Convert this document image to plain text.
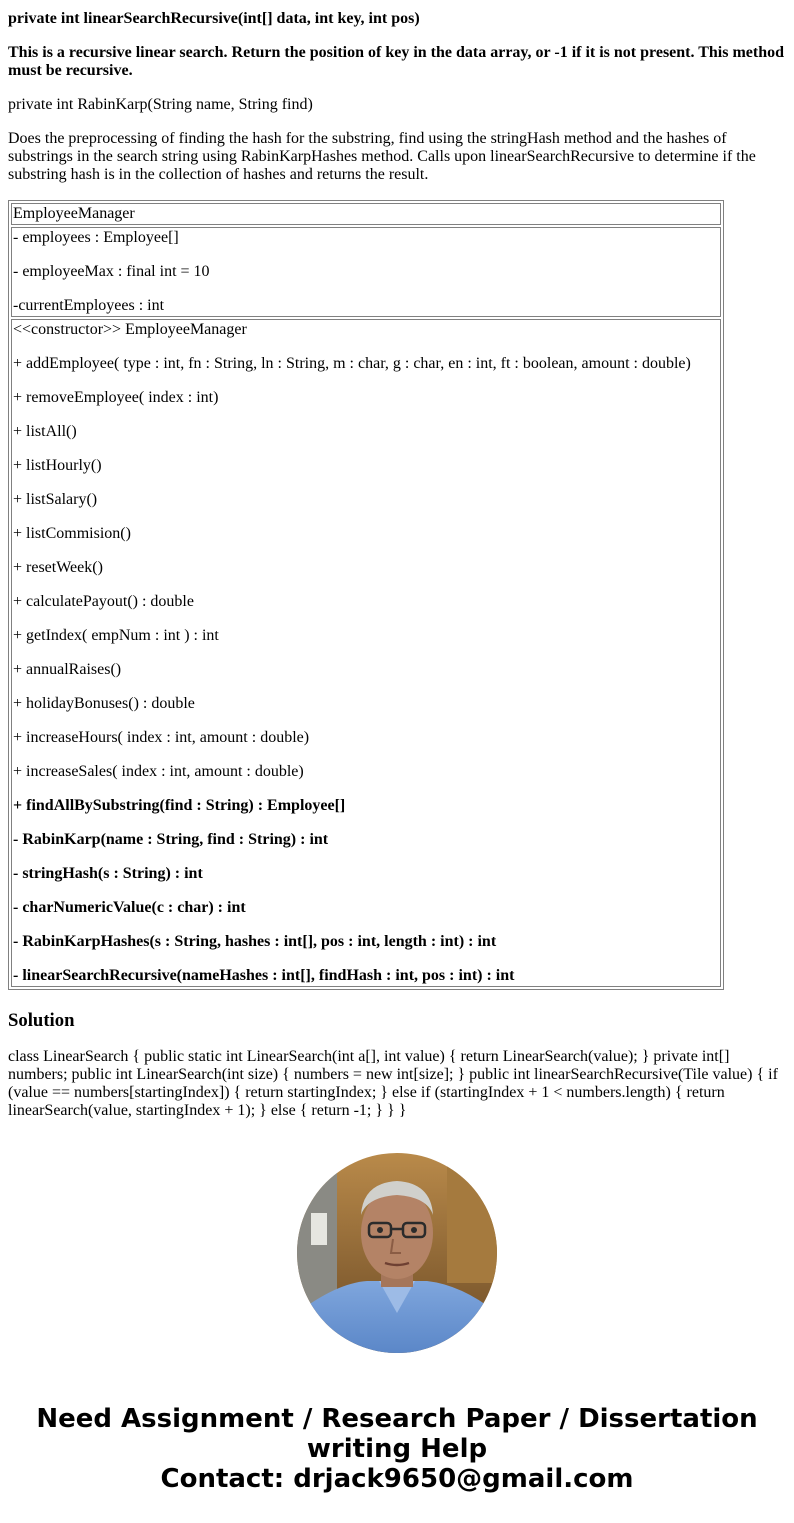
private int linearSearchRecursive(int[] data, int key, int pos)

This is a recursive linear search. Return the position of key in the data array, or -1 if it is not present. This method must be recursive.

private int RabinKarp(String name, String find)

Does the preprocessing of finding the hash for the substring, find using the stringHash method and the hashes of substrings in the search string using RabinKarpHashes method. Calls upon linearSearchRecursive to determine if the substring hash is in the collection of hashes and returns the result.

EmployeeManager

- employees : Employee[]
- employeeMax : final int = 10
-currentEmployees : int

<<constructor>> EmployeeManager
+ addEmployee( type : int, fn : String, ln : String, m : char, g : char, en : int, ft : boolean, amount : double)
+ removeEmployee( index : int)
+ listAll()
+ listHourly()
+ listSalary()
+ listCommision()
+ resetWeek()
+ calculatePayout() : double
+ getIndex( empNum : int ) : int
+ annualRaises()
+ holidayBonuses() : double
+ increaseHours( index : int, amount : double)
+ increaseSales( index : int, amount : double)
+ findAllBySubstring(find : String) : Employee[]
- RabinKarp(name : String, find : String) : int
- stringHash(s : String) : int
- charNumericValue(c : char) : int
- RabinKarpHashes(s : String, hashes : int[], pos : int, length : int) : int
- linearSearchRecursive(nameHashes : int[], findHash : int, pos : int) : int
Solution

class LinearSearch { public static int LinearSearch(int a[], int value) { return LinearSearch(value); } private int[] numbers; public int LinearSearch(int size) { numbers = new int[size]; } public int linearSearchRecursive(Tile value) { if (value == numbers[startingIndex]) { return startingIndex; } else if (startingIndex + 1 < numbers.length) { return linearSearch(value, startingIndex + 1); } else { return -1; } } }

Need Assignment / Research Paper / Dissertation
writing Help
Contact: drjack9650@gmail.com
